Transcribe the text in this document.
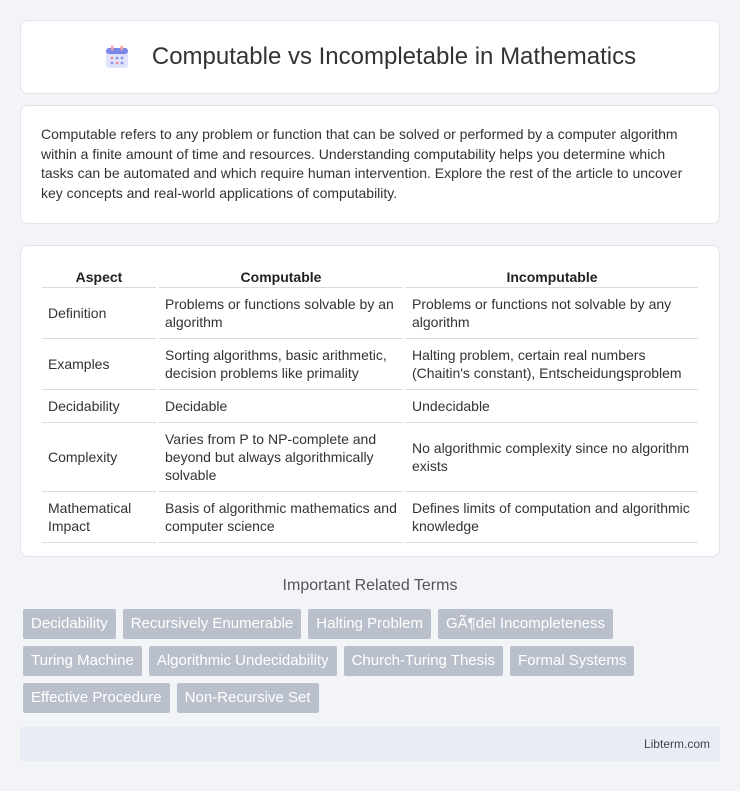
Computable vs Incompletable in Mathematics

Computable refers to any problem or function that can be solved or performed by a computer algorithm within a finite amount of time and resources. Understanding computability helps you determine which tasks can be automated and which require human intervention. Explore the rest of the article to uncover key concepts and real-world applications of computability.

Aspect		Computable		Incomputable
Definition		Problems or functions solvable by an algorithm		Problems or functions not solvable by any algorithm
Examples		Sorting algorithms, basic arithmetic, decision problems like primality		Halting problem, certain real numbers (Chaitin's constant), Entscheidungsproblem
Decidability		Decidable		Undecidable
Complexity		Varies from P to NP-complete and beyond but always algorithmically solvable		No algorithmic complexity since no algorithm exists
Mathematical Impact		Basis of algorithmic mathematics and computer science		Defines limits of computation and algorithmic knowledge
Important Related Terms
Decidability	Recursively Enumerable	Halting Problem	GÃ¶del Incompleteness
Turing Machine	Algorithmic Undecidability	Church-Turing Thesis	Formal Systems
Effective Procedure	Non-Recursive Set
Libterm.com
